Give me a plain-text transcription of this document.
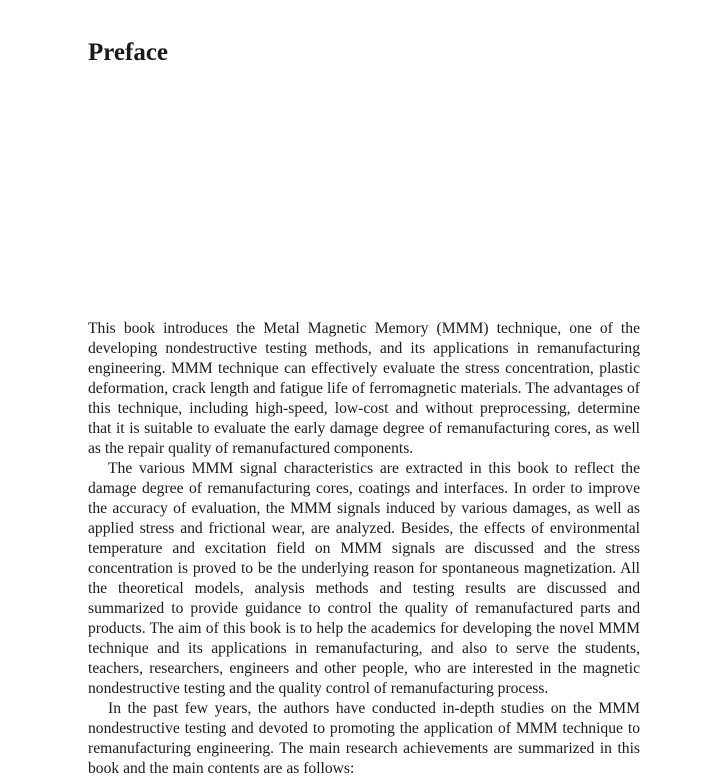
Preface

This book introduces the Metal Magnetic Memory (MMM) technique, one of the developing nondestructive testing methods, and its applications in remanufacturing engineering. MMM technique can effectively evaluate the stress concentration, plastic deformation, crack length and fatigue life of ferromagnetic materials. The advantages of this technique, including high-speed, low-cost and without preprocessing, determine that it is suitable to evaluate the early damage degree of remanufacturing cores, as well as the repair quality of remanufactured components.

The various MMM signal characteristics are extracted in this book to reflect the damage degree of remanufacturing cores, coatings and interfaces. In order to improve the accuracy of evaluation, the MMM signals induced by various damages, as well as applied stress and frictional wear, are analyzed. Besides, the effects of environmental temperature and excitation field on MMM signals are discussed and the stress concentration is proved to be the underlying reason for spontaneous magnetization. All the theoretical models, analysis methods and testing results are discussed and summarized to provide guidance to control the quality of remanufactured parts and products. The aim of this book is to help the academics for developing the novel MMM technique and its applications in remanufacturing, and also to serve the students, teachers, researchers, engineers and other people, who are interested in the magnetic nondestructive testing and the quality control of remanufacturing process.

In the past few years, the authors have conducted in-depth studies on the MMM nondestructive testing and devoted to promoting the application of MMM technique to remanufacturing engineering. The main research achievements are summarized in this book and the main contents are as follows:
